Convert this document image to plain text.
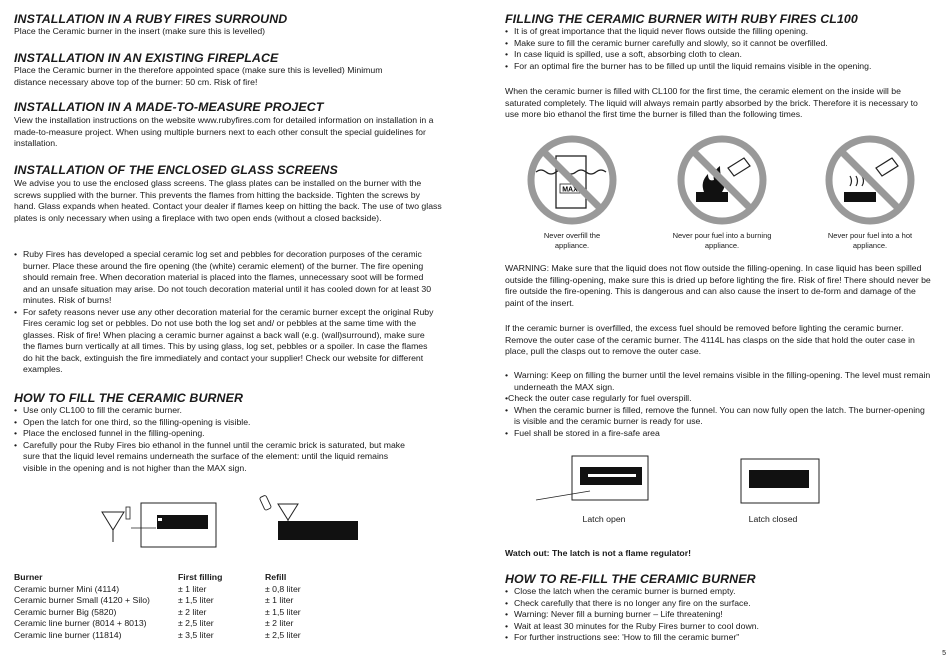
INSTALLATION IN A RUBY FIRES SURROUND

Place the Ceramic burner in the insert (make sure this is levelled)

INSTALLATION IN AN EXISTING FIREPLACE

Place the Ceramic burner in the therefore appointed space (make sure this is levelled) Minimum distance necessary above top of the burner: 50 cm. Risk of fire!

INSTALLATION IN A MADE-TO-MEASURE PROJECT

View the installation instructions on the website www.rubyfires.com for detailed information on installation in a made-to-measure project. When using multiple burners next to each other consult the special guidelines for installation.

INSTALLATION OF THE ENCLOSED GLASS SCREENS

We advise you to use the enclosed glass screens. The glass plates can be installed on the burner with the screws supplied with the burner. This prevents the flames from hitting the backside. Tighten the screws by hand. Glass expands when heated. Contact your dealer if flames keep on hitting the back. The use of two glass plates is only necessary when using a fireplace with two open ends (without a closed backside).

• Ruby Fires has developed a special ceramic log set and pebbles for decoration purposes of the ceramic burner. Place these around the fire opening (the (white) ceramic element) of the burner. The fire opening should remain free. When decoration material is placed into the flames, unnecessary soot will be formed and an unsafe situation may arise. Do not touch decoration material until it has cooled down for at least 30 minutes. Risk of burns!
• For safety reasons never use any other decoration material for the ceramic burner except the original Ruby Fires ceramic log set or pebbles. Do not use both the log set and/ or pebbles at the same time with the glasses. Risk of fire! When placing a ceramic burner against a back wall (e.g. (wall)surround), make sure the flames burn vertically at all times. This by using glass, log set, pebbles or a spoiler. In case the flames do hit the back, extinguish the fire immediately and contact your supplier! Check our website for different examples.
HOW TO FILL THE CERAMIC BURNER
• Use only CL100 to fill the ceramic burner.
• Open the latch for one third, so the filling-opening is visible.
• Place the enclosed funnel in the filling-opening.
• Carefully pour the Ruby Fires bio ethanol in the funnel until the ceramic brick is saturated, but make sure that the liquid level remains underneath the surface of the element: until the liquid remains visible in the opening and is not higher than the MAX sign.
Burner	First filling	Refill
Ceramic burner Mini (4114)	± 1 liter	± 0,8 liter
Ceramic burner Small (4120 + Silo)	± 1,5 liter	± 1 liter
Ceramic burner Big (5820)	± 2 liter	± 1,5 liter
Ceramic line burner (8014 + 8013)	± 2,5 liter	± 2 liter
Ceramic line burner (11814)	± 3,5 liter	± 2,5 liter
FILLING THE CERAMIC BURNER WITH RUBY FIRES CL100
• It is of great importance that the liquid never flows outside the filling opening.
• Make sure to fill the ceramic burner carefully and slowly, so it cannot be overfilled.
• In case liquid is spilled, use a soft, absorbing cloth to clean.
• For an optimal fire the burner has to be filled up until the liquid remains visible in the opening.

When the ceramic burner is filled with CL100 for the first time, the ceramic element on the inside will be saturated completely. The liquid will always remain partly absorbed by the brick. Therefore it is necessary to use more bio ethanol the first time the burner is filled than the following times.

WARNING: Make sure that the liquid does not flow outside the filling-opening. In case liquid has been spilled outside the filling-opening, make sure this is dried up before lighting the fire. Risk of fire! There should never be fire outside the fire-opening. This is dangerous and can also cause the insert to de-form and damage of the paint of the insert.

If the ceramic burner is overfilled, the excess fuel should be removed before lighting the ceramic burner. Remove the outer case of the ceramic burner. The 4114L has clasps on the side that hold the outer case in place, pull the clasps out to remove the outer case.

• Warning: Keep on filling the burner until the level remains visible in the filling-opening. The level must remain underneath the MAX sign.
•Check the outer case regularly for fuel overspill.
• When the ceramic burner is filled, remove the funnel. You can now fully open the latch. The burner-opening is visible and the ceramic burner is ready for use.
• Fuel shall be stored in a fire-safe area

Watch out: The latch is not a flame regulator!

HOW TO RE-FILL THE CERAMIC BURNER
• Close the latch when the ceramic burner is burned empty.
• Check carefully that there is no longer any fire on the surface.
• Warning: Never fill a burning burner – Life threatening!
• Wait at least 30 minutes for the Ruby Fires burner to cool down.
• For further instructions see: 'How to fill the ceramic burner"
MAX
Never overfill the appliance.
Never pour fuel into a burning appliance.
Never pour fuel into a hot appliance.
Latch open	Latch closed
5
